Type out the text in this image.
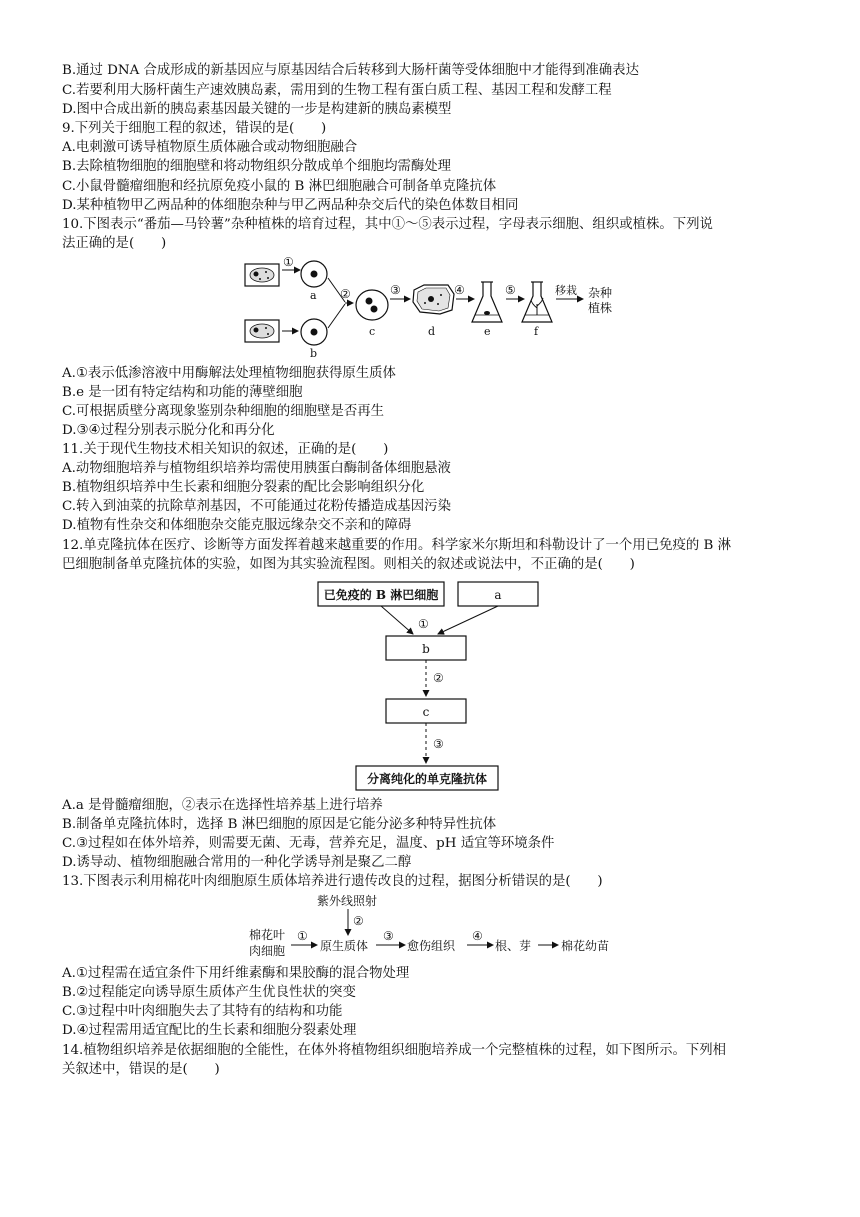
B.通过 DNA 合成形成的新基因应与原基因结合后转移到大肠杆菌等受体细胞中才能得到准确表达
C.若要利用大肠杆菌生产速效胰岛素，需用到的生物工程有蛋白质工程、基因工程和发酵工程
D.图中合成出新的胰岛素基因最关键的一步是构建新的胰岛素模型
9.下列关于细胞工程的叙述，错误的是(　　)
A.电刺激可诱导植物原生质体融合或动物细胞融合
B.去除植物细胞的细胞壁和将动物组织分散成单个细胞均需酶处理
C.小鼠骨髓瘤细胞和经抗原免疫小鼠的 B 淋巴细胞融合可制备单克隆抗体
D.某种植物甲乙两品种的体细胞杂种与甲乙两品种杂交后代的染色体数目相同
10.下图表示“番茄—马铃薯”杂种植株的培育过程，其中①～⑤表示过程，字母表示细胞、组织或植株。下列说
法正确的是(　　)
①
a
b
②
c
③
d
④
e
⑤
f
移栽 杂种
植株
A.①表示低渗溶液中用酶解法处理植物细胞获得原生质体
B.e 是一团有特定结构和功能的薄壁细胞
C.可根据质壁分离现象鉴别杂种细胞的细胞壁是否再生
D.③④过程分别表示脱分化和再分化
11.关于现代生物技术相关知识的叙述，正确的是(　　)
A.动物细胞培养与植物组织培养均需使用胰蛋白酶制备体细胞悬液
B.植物组织培养中生长素和细胞分裂素的配比会影响组织分化
C.转入到油菜的抗除草剂基因，不可能通过花粉传播造成基因污染
D.植物有性杂交和体细胞杂交能克服远缘杂交不亲和的障碍
12.单克隆抗体在医疗、诊断等方面发挥着越来越重要的作用。科学家米尔斯坦和科勒设计了一个用已免疫的 B 淋
巴细胞制备单克隆抗体的实验，如图为其实验流程图。则相关的叙述或说法中，不正确的是(　　)
已免疫的 B 淋巴细胞	a
①
b
②
c
③
分离纯化的单克隆抗体
A.a 是骨髓瘤细胞，②表示在选择性培养基上进行培养
B.制备单克隆抗体时，选择 B 淋巴细胞的原因是它能分泌多种特异性抗体
C.③过程如在体外培养，则需要无菌、无毒，营养充足，温度、pH 适宜等环境条件
D.诱导动、植物细胞融合常用的一种化学诱导剂是聚乙二醇
13.下图表示利用棉花叶肉细胞原生质体培养进行遗传改良的过程，据图分析错误的是(　　)
紫外线照射
②
棉花叶
肉细胞
①
原生质体
③
愈伤组织
④
根、芽 棉花幼苗
A.①过程需在适宜条件下用纤维素酶和果胶酶的混合物处理
B.②过程能定向诱导原生质体产生优良性状的突变
C.③过程中叶肉细胞失去了其特有的结构和功能
D.④过程需用适宜配比的生长素和细胞分裂素处理
14.植物组织培养是依据细胞的全能性，在体外将植物组织细胞培养成一个完整植株的过程，如下图所示。下列相
关叙述中，错误的是(　　)
